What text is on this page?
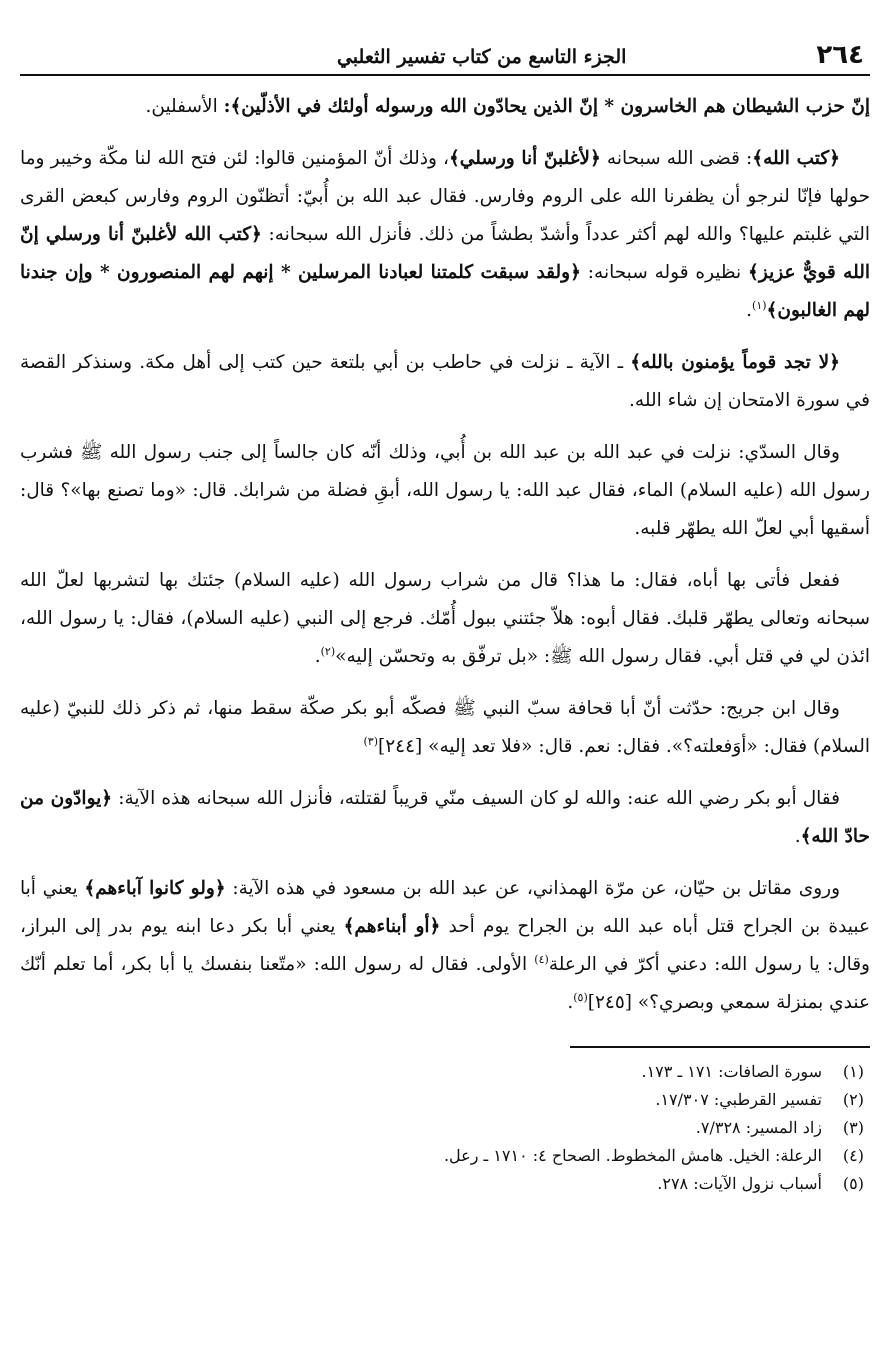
٢٦٤
الجزء التاسع من كتاب تفسير الثعلبي

إنّ حزب الشيطان هم الخاسرون * إنّ الذين يحادّون الله ورسوله أولئك في الأذلّين﴾: الأسفلين.

﴿كتب الله﴾: قضى الله سبحانه ﴿لأغلبنّ أنا ورسلي﴾، وذلك أنّ المؤمنين قالوا: لئن فتح الله لنا مكّة وخيبر وما حولها فإنّا لنرجو أن يظفرنا الله على الروم وفارس. فقال عبد الله بن أُبيّ: أتظنّون الروم وفارس كبعض القرى التي غلبتم عليها؟ والله لهم أكثر عدداً وأشدّ بطشاً من ذلك. فأنزل الله سبحانه: ﴿كتب الله لأغلبنّ أنا ورسلي إنّ الله قويٌّ عزيز﴾ نظيره قوله سبحانه: ﴿ولقد سبقت كلمتنا لعبادنا المرسلين * إنهم لهم المنصورون * وإن جندنا لهم الغالبون﴾$^{(١)}$.

﴿لا تجد قوماً يؤمنون بالله﴾ ـ الآية ـ نزلت في حاطب بن أبي بلتعة حين كتب إلى أهل مكة. وسنذكر القصة في سورة الامتحان إن شاء الله.

وقال السدّي: نزلت في عبد الله بن عبد الله بن أُبي، وذلك أنّه كان جالساً إلى جنب رسول الله ﷺ فشرب رسول الله (عليه السلام) الماء، فقال عبد الله: يا رسول الله، أبقِ فضلة من شرابك. قال: «وما تصنع بها»؟ قال: أسقيها أبي لعلّ الله يطهّر قلبه.

ففعل فأتى بها أباه، فقال: ما هذا؟ قال من شراب رسول الله (عليه السلام) جئتك بها لتشربها لعلّ الله سبحانه وتعالى يطهّر قلبك. فقال أبوه: هلاّ جئتني ببول أُمّك. فرجع إلى النبي (عليه السلام)، فقال: يا رسول الله، ائذن لي في قتل أبي. فقال رسول الله ﷺ: «بل ترفّق به وتحسّن إليه»$^{(٢)}$.

وقال ابن جريج: حدّثت أنّ أبا قحافة سبّ النبي ﷺ فصكّه أبو بكر صكّة سقط منها، ثم ذكر ذلك للنبيّ (عليه السلام) فقال: «أوَفعلته؟». فقال: نعم. قال: «فلا تعد إليه» [٢٤٤]$^{(٣)}$

فقال أبو بكر رضي الله عنه: والله لو كان السيف منّي قريباً لقتلته، فأنزل الله سبحانه هذه الآية: ﴿يوادّون من حادّ الله﴾.

وروى مقاتل بن حيّان، عن مرّة الهمذاني، عن عبد الله بن مسعود في هذه الآية: ﴿ولو كانوا آباءهم﴾ يعني أبا عبيدة بن الجراح قتل أباه عبد الله بن الجراح يوم أحد ﴿أو أبناءهم﴾ يعني أبا بكر دعا ابنه يوم بدر إلى البراز، وقال: يا رسول الله: دعني أكرّ في الرعلة$^{(٤)}$ الأولى. فقال له رسول الله: «متّعنا بنفسك يا أبا بكر، أما تعلم أنّك عندي بمنزلة سمعي وبصري؟» [٢٤٥]$^{(٥)}$.

(١)
سورة الصافات: ١٧١ ـ ١٧٣.
(٢)
تفسير القرطبي: ١٧/٣٠٧.
(٣)
زاد المسير: ٧/٣٢٨.
(٤)
الرعلة: الخيل. هامش المخطوط. الصحاح ٤: ١٧١٠ ـ رعل.
(٥)
أسباب نزول الآيات: ٢٧٨.
